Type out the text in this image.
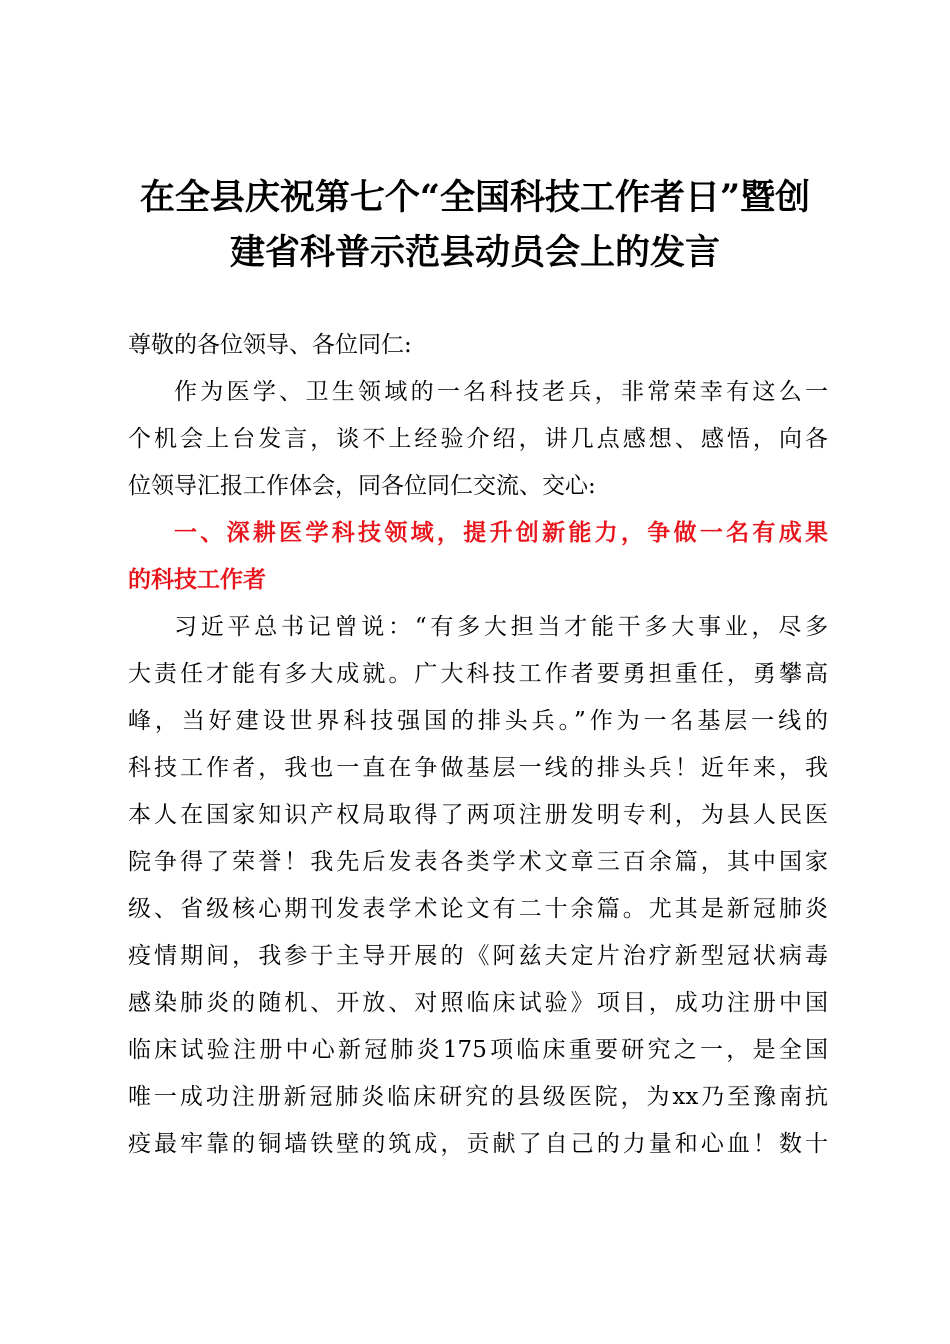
在全县庆祝第七个“全国科技工作者日”暨创
建省科普示范县动员会上的发言
尊敬的各位领导、各位同仁:
作为医学、卫生领域的一名科技老兵，非常荣幸有这么一
个机会上台发言，谈不上经验介绍，讲几点感想、感悟，向各
位领导汇报工作体会，同各位同仁交流、交心:
一、深耕医学科技领域，提升创新能力，争做一名有成果
的科技工作者
习近平总书记曾说：“有多大担当才能干多大事业，尽多
大责任才能有多大成就。广大科技工作者要勇担重任，勇攀高
峰，当好建设世界科技强国的排头兵。”作为一名基层一线的
科技工作者，我也一直在争做基层一线的排头兵！近年来，我
本人在国家知识产权局取得了两项注册发明专利，为县人民医
院争得了荣誉！我先后发表各类学术文章三百余篇，其中国家
级、省级核心期刊发表学术论文有二十余篇。尤其是新冠肺炎
疫情期间，我参于主导开展的《阿兹夫定片治疗新型冠状病毒
感染肺炎的随机、开放、对照临床试验》项目，成功注册中国
临床试验注册中心新冠肺炎175项临床重要研究之一，是全国
唯一成功注册新冠肺炎临床研究的县级医院，为xx乃至豫南抗
疫最牢靠的铜墙铁壁的筑成，贡献了自己的力量和心血！数十
